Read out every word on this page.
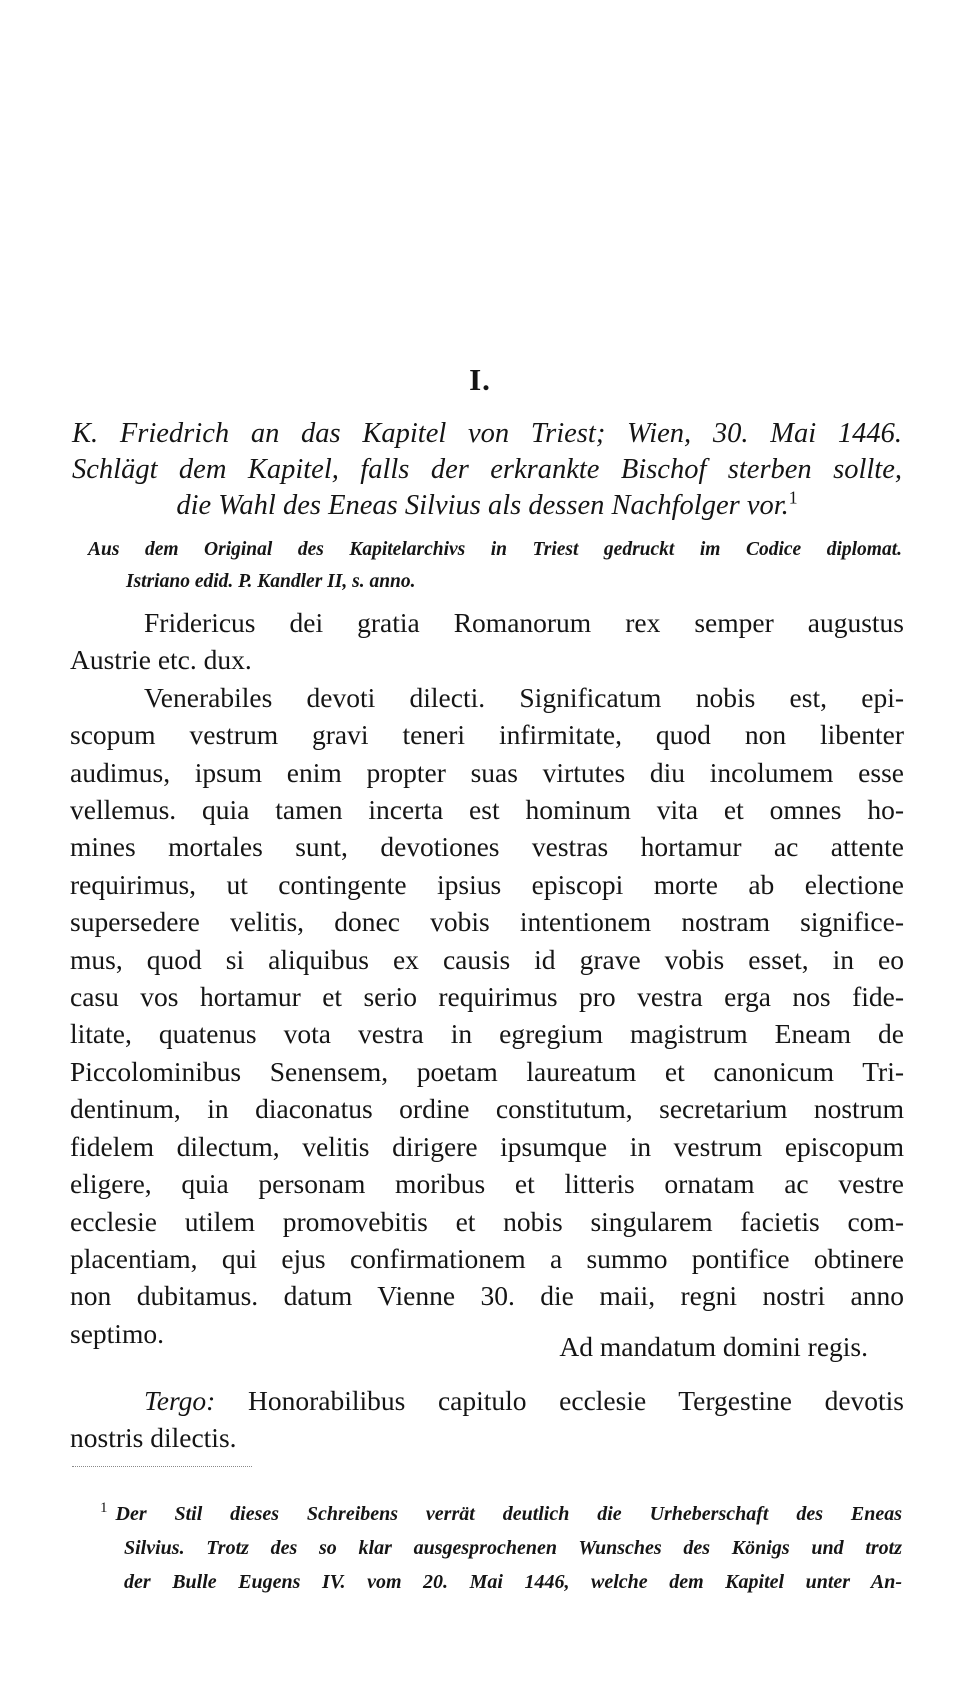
I.
K. Friedrich an das Kapitel von Triest; Wien, 30. Mai 1446.
Schlägt dem Kapitel, falls der erkrankte Bischof sterben sollte,
die Wahl des Eneas Silvius als dessen Nachfolger vor.$^1$
Aus dem Original des Kapitelarchivs in Triest gedruckt im Codice diplomat.
Istriano edid. P. Kandler II, s. anno.
Fridericus dei gratia Romanorum rex semper augustus
Austrie etc. dux.
Venerabiles devoti dilecti. Significatum nobis est, epi-
scopum vestrum gravi teneri infirmitate, quod non libenter
audimus, ipsum enim propter suas virtutes diu incolumem esse
vellemus. quia tamen incerta est hominum vita et omnes ho-
mines mortales sunt, devotiones vestras hortamur ac attente
requirimus, ut contingente ipsius episcopi morte ab electione
supersedere velitis, donec vobis intentionem nostram significe-
mus, quod si aliquibus ex causis id grave vobis esset, in eo
casu vos hortamur et serio requirimus pro vestra erga nos fide-
litate, quatenus vota vestra in egregium magistrum Eneam de
Piccolominibus Senensem, poetam laureatum et canonicum Tri-
dentinum, in diaconatus ordine constitutum, secretarium nostrum
fidelem dilectum, velitis dirigere ipsumque in vestrum episcopum
eligere, quia personam moribus et litteris ornatam ac vestre
ecclesie utilem promovebitis et nobis singularem facietis com-
placentiam, qui ejus confirmationem a summo pontifice obtinere
non dubitamus. datum Vienne 30. die maii, regni nostri anno
septimo.	Ad mandatum domini regis.
Tergo: Honorabilibus capitulo ecclesie Tergestine devotis
nostris dilectis.
$^1$ Der Stil dieses Schreibens verrät deutlich die Urheberschaft des Eneas
Silvius. Trotz des so klar ausgesprochenen Wunsches des Königs und trotz
der Bulle Eugens IV. vom 20. Mai 1446, welche dem Kapitel unter An-
